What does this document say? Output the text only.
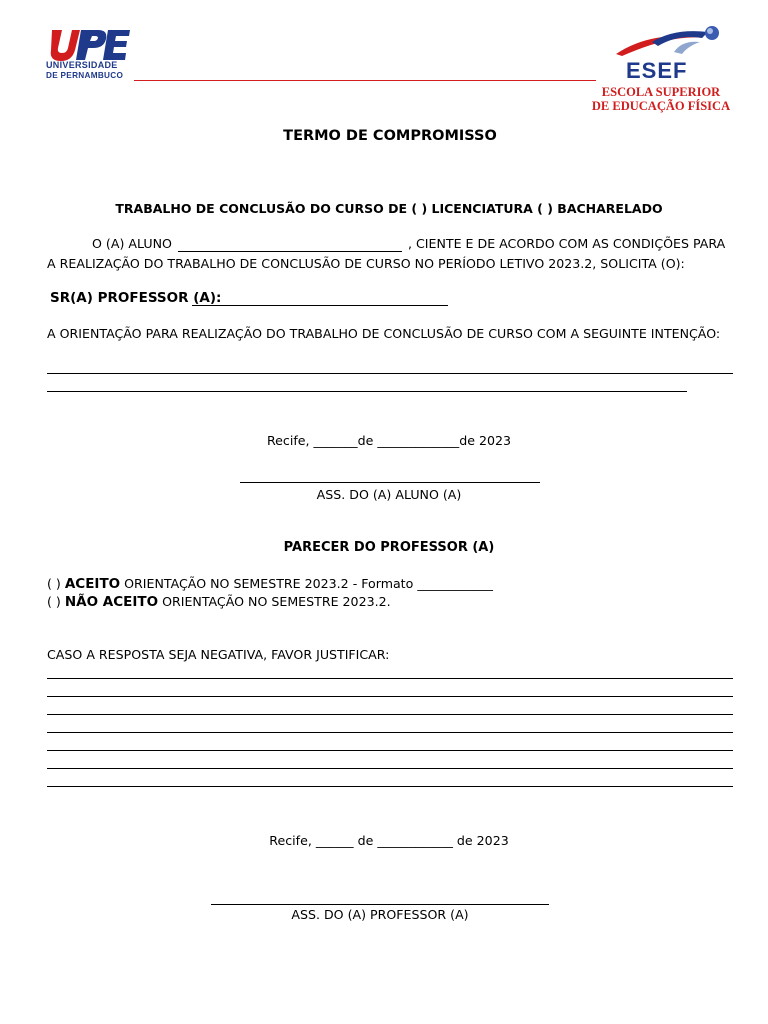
UNIVERSIDADE
DE PERNAMBUCO	ESEF
ESCOLA SUPERIOR
DE EDUCAÇÃO FÍSICA
TERMO DE COMPROMISSO
TRABALHO DE CONCLUSÃO DO CURSO DE ( ) LICENCIATURA ( ) BACHARELADO
O (A) ALUNO	, CIENTE E DE ACORDO COM AS CONDIÇÕES PARA
A REALIZAÇÃO DO TRABALHO DE CONCLUSÃO DE CURSO NO PERÍODO LETIVO 2023.2, SOLICITA (O):
SR(A) PROFESSOR (A):
A ORIENTAÇÃO PARA REALIZAÇÃO DO TRABALHO DE CONCLUSÃO DE CURSO COM A SEGUINTE INTENÇÃO:
Recife, _______de _____________de 2023
ASS. DO (A) ALUNO (A)
PARECER DO PROFESSOR (A)
( ) ACEITO ORIENTAÇÃO NO SEMESTRE 2023.2 - Formato ____________
( ) NÃO ACEITO ORIENTAÇÃO NO SEMESTRE 2023.2.
CASO A RESPOSTA SEJA NEGATIVA, FAVOR JUSTIFICAR:
Recife, ______ de ____________ de 2023
ASS. DO (A) PROFESSOR (A)
